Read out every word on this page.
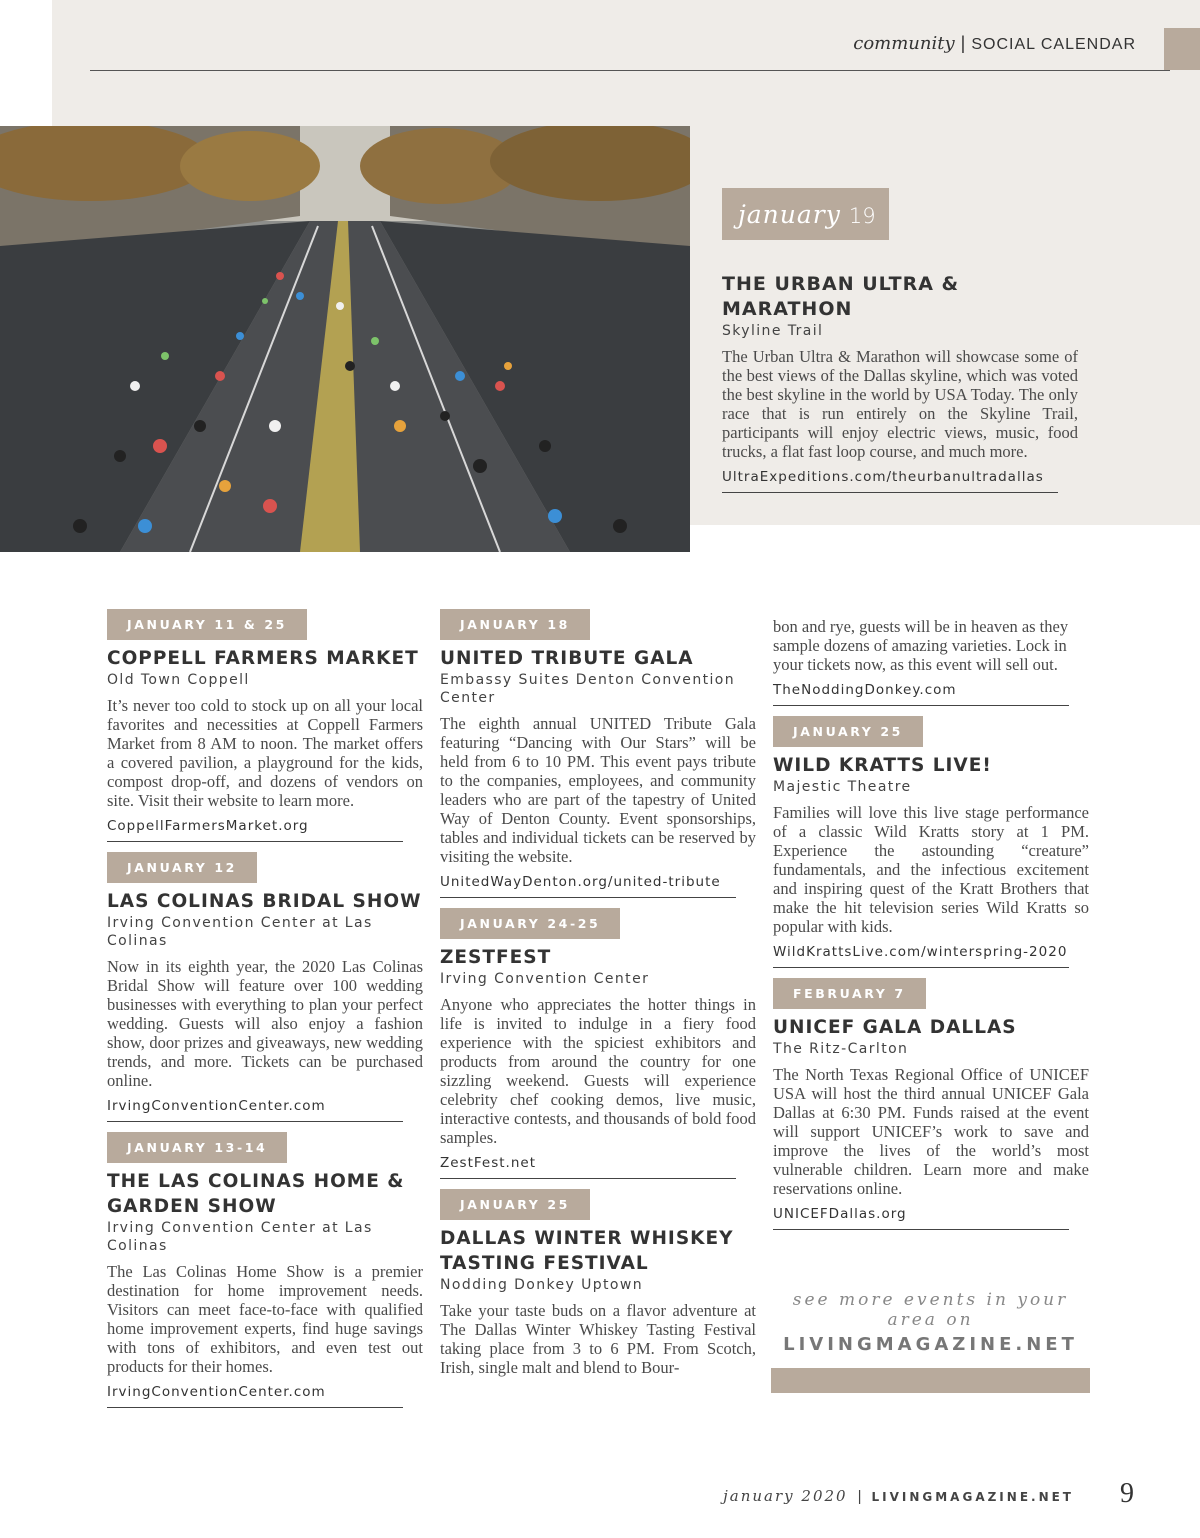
community | SOCIAL CALENDAR
january 19
THE URBAN ULTRA & MARATHON
Skyline Trail

The Urban Ultra & Marathon will showcase some of the best views of the Dallas skyline, which was voted the best skyline in the world by USA Today. The only race that is run entirely on the Skyline Trail, participants will enjoy electric views, music, food trucks, a flat fast loop course, and much more.

UltraExpeditions.com/theurbanultradallas
JANUARY 11 & 25
COPPELL FARMERS MARKET
Old Town Coppell

It’s never too cold to stock up on all your local favorites and necessities at Coppell Farmers Market from 8 AM to noon. The market offers a covered pavilion, a playground for the kids, compost drop-off, and dozens of vendors on site. Visit their website to learn more.

CoppellFarmersMarket.org
JANUARY 12
LAS COLINAS BRIDAL SHOW
Irving Convention Center at Las Colinas

Now in its eighth year, the 2020 Las Colinas Bridal Show will feature over 100 wedding businesses with everything to plan your perfect wedding. Guests will also enjoy a fashion show, door prizes and giveaways, new wedding trends, and more. Tickets can be purchased online.

IrvingConventionCenter.com
JANUARY 13-14
THE LAS COLINAS HOME & GARDEN SHOW
Irving Convention Center at Las Colinas

The Las Colinas Home Show is a premier destination for home improvement needs. Visitors can meet face-to-face with qualified home improvement experts, find huge savings with tons of exhibitors, and even test out products for their homes.

IrvingConventionCenter.com
JANUARY 18
UNITED TRIBUTE GALA
Embassy Suites Denton Convention Center

The eighth annual UNITED Tribute Gala featuring “Dancing with Our Stars” will be held from 6 to 10 PM. This event pays tribute to the companies, employees, and community leaders who are part of the tapestry of United Way of Denton County. Event sponsorships, tables and individual tickets can be reserved by visiting the website.

UnitedWayDenton.org/united-tribute
JANUARY 24-25
ZESTFEST
Irving Convention Center

Anyone who appreciates the hotter things in life is invited to indulge in a fiery food experience with the spiciest exhibitors and products from around the country for one sizzling weekend. Guests will experience celebrity chef cooking demos, live music, interactive contests, and thousands of bold food samples.

ZestFest.net
JANUARY 25
DALLAS WINTER WHISKEY TASTING FESTIVAL
Nodding Donkey Uptown

Take your taste buds on a flavor adventure at The Dallas Winter Whiskey Tasting Festival taking place from 3 to 6 PM. From Scotch, Irish, single malt and blend to Bour-

bon and rye, guests will be in heaven as they sample dozens of amazing varieties. Lock in your tickets now, as this event will sell out.

TheNoddingDonkey.com
JANUARY 25
WILD KRATTS LIVE!
Majestic Theatre

Families will love this live stage performance of a classic Wild Kratts story at 1 PM. Experience the astounding “creature” fundamentals, and the infectious excitement and inspiring quest of the Kratt Brothers that make the hit television series Wild Kratts so popular with kids.

WildKrattsLive.com/winterspring-2020
FEBRUARY 7
UNICEF GALA DALLAS
The Ritz-Carlton

The North Texas Regional Office of UNICEF USA will host the third annual UNICEF Gala Dallas at 6:30 PM. Funds raised at the event will support UNICEF’s work to save and improve the lives of the world’s most vulnerable children. Learn more and make reservations online.

UNICEFDallas.org
see more events in your area on
LIVINGMAGAZINE.NET
january 2020 | LIVINGMAGAZINE.NET 9
